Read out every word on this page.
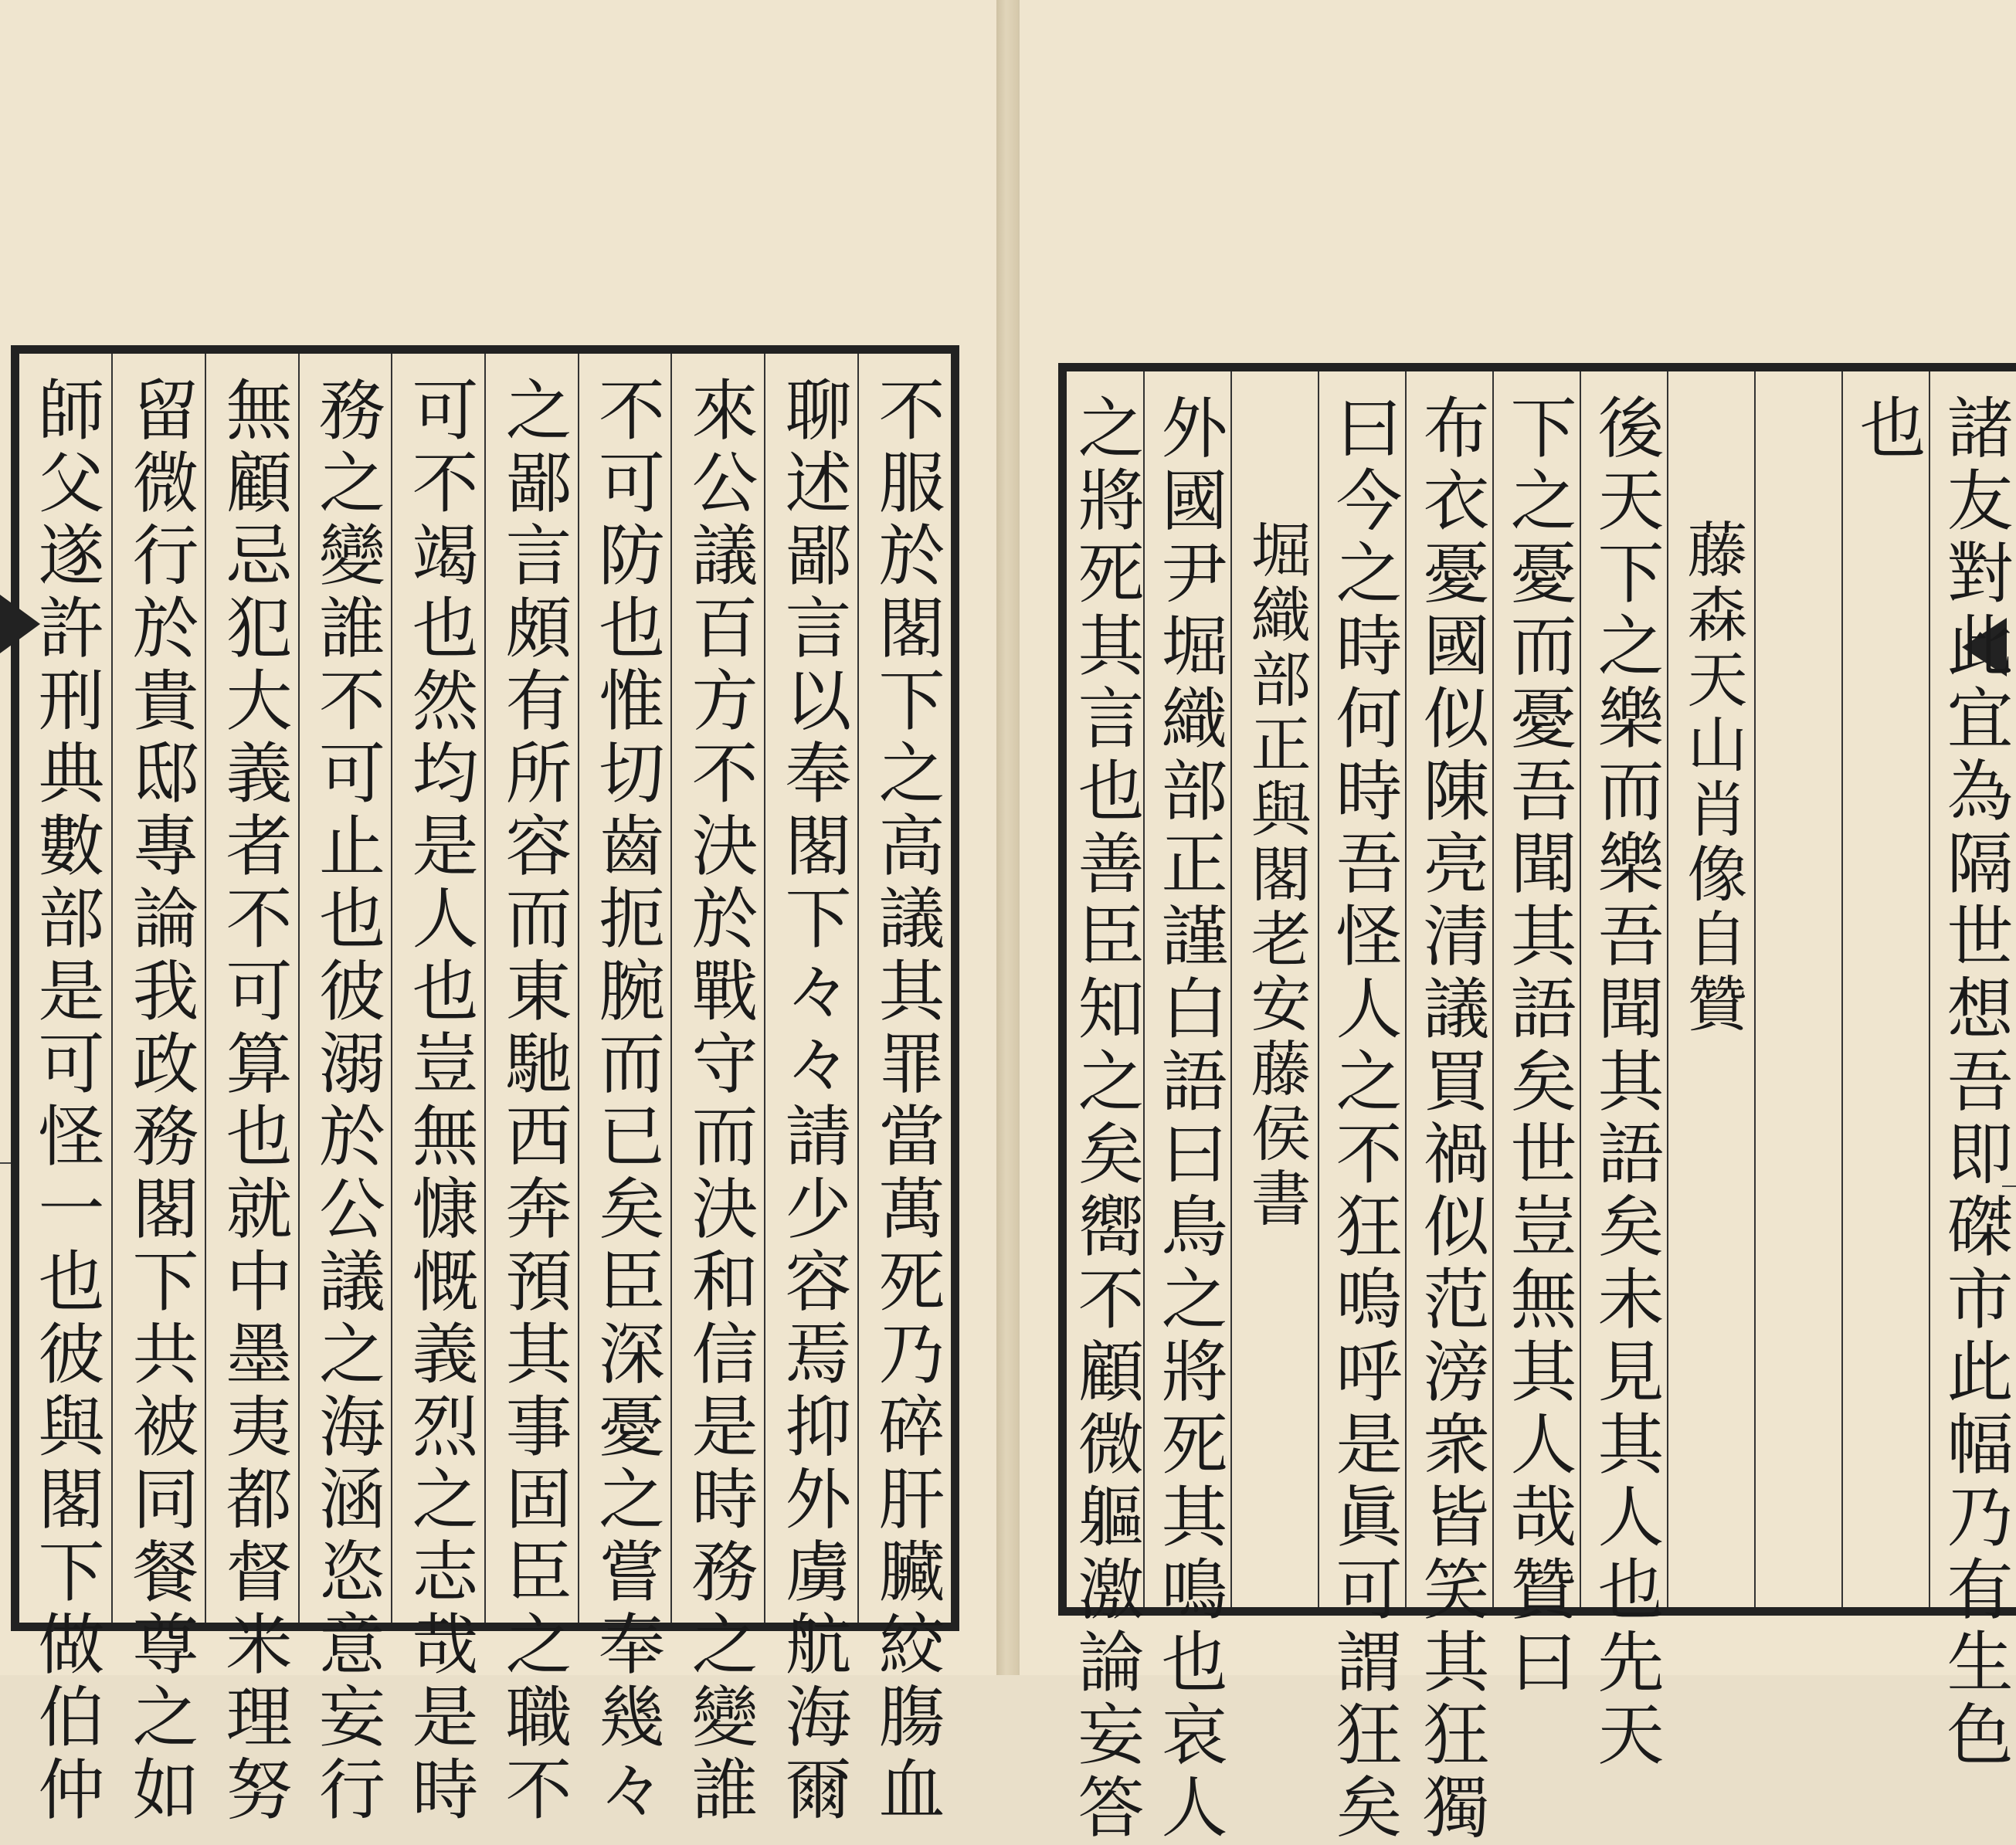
不服於閣下之高議其罪當萬死乃碎肝臟絞膓血
聊述鄙言以奉閣下々々請少容焉抑外虜航海爾
來公議百方不決於戰守而決和信是時務之變誰
不可防也惟切齒扼腕而已矣臣深憂之嘗奉幾々
之鄙言頗有所容而東馳西奔預其事固臣之職不
可不竭也然均是人也豈無慷慨義烈之志哉是時
務之變誰不可止也彼溺於公議之海涵恣意妄行
無顧忌犯大義者不可算也就中墨夷都督米理努
留微行於貴邸專論我政務閣下共被同餐尊之如
師父遂許刑典數部是可怪一也彼與閣下做伯仲	諸友對此宜為隔世想吾即磔市此幅乃有生色
也
藤森天山肖像自贊
後天下之樂而樂吾聞其語矣未見其人也先天
下之憂而憂吾聞其語矣世豈無其人哉贊曰
布衣憂國似陳亮清議買禍似范滂衆皆笑其狂獨
曰今之時何時吾怪人之不狂嗚呼是眞可謂狂矣
堀織部正與閣老安藤侯書
外國尹堀織部正謹白語曰鳥之將死其鳴也哀人
之將死其言也善臣知之矣嚮不顧微軀激論妄答
